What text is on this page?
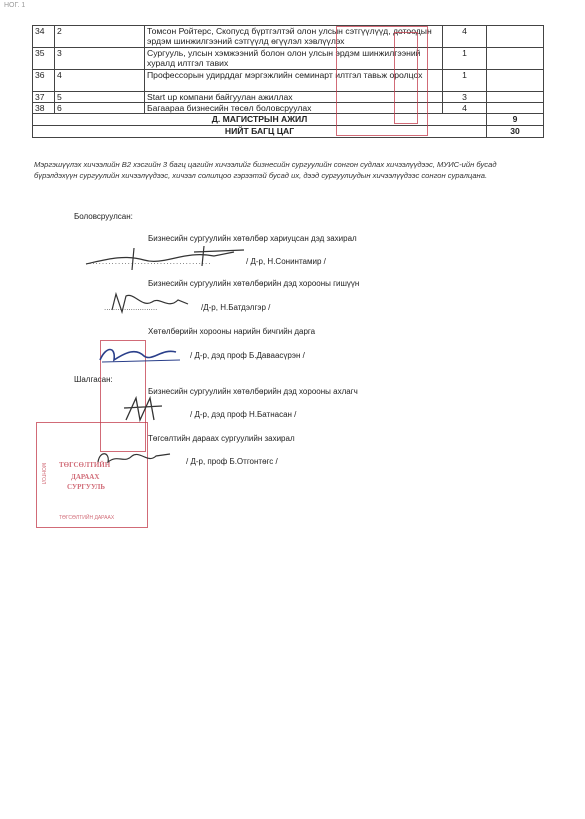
НОГ. 1
34	2	Томсон Ройтерс, Скопусд бүртгэлтэй олон улсын сэтгүүлүүд, дотоодын эрдэм шинжилгээний сэтгүүлд өгүүлэл хэвлүүлэх	4	
35	3	Сургууль, улсын хэмжээний болон олон улсын эрдэм шинжилгээний хуралд илтгэл тавих	1	
36	4	Профессорын удирддаг мэргэжлийн семинарт илтгэл тавьж оролцох	1	
37	5	Start up компани байгуулан ажиллах	3	
38	6	Багаараа бизнесийн төсөл боловсруулах	4	
Д. МАГИСТРЫН АЖИЛ				9
НИЙТ БАГЦ ЦАГ				30
Мэргэшүүлэх хичээлийн В2 хэсгийн 3 багц цагийн хичээлийг бизнесийн сургуулийн сонгон судлах хичээлүүдээс, МУИС-ийн бусад бүрэлдэхүүн сургуулийн хичээлүүдээс, хичээл солилцоо гэрээтэй бусад их, дээд сургуулиудын хичээлүүдээс сонгон суралцана.
Боловсруулсан:
Бизнесийн сургуулийн хөтөлбөр хариуцсан дэд захирал
......................................	/ Д-р, Н.Сонинтамир /
Бизнесийн сургуулийн хөтөлбөрийн дэд хорооны гишүүн
........................	/Д-р, Н.Батдэлгэр /
Хөтөлбөрийн хорооны нарийн бичгийн дарга
/ Д-р, дэд проф Б.Даваасүрэн /
Шалгасан:
Бизнесийн сургуулийн хөтөлбөрийн дэд хорооны ахлагч
/ Д-р, дэд проф Н.Батнасан /
Төгсөлтийн дараах сургуулийн захирал
/ Д-р, проф Б.Отгонтөгс /
МОНГОЛ ТӨГСӨЛТИЙН
ДАРААХ
СУРГУУЛЬ
ТӨГСӨЛТИЙН ДАРААХ
